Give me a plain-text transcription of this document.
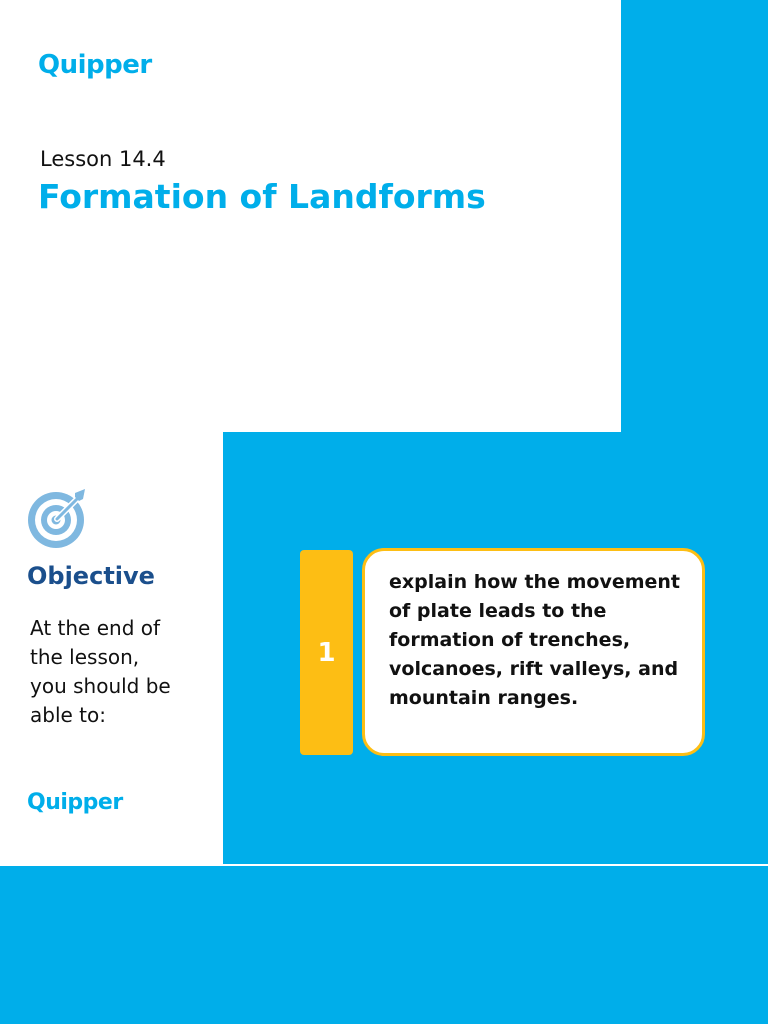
Quipper
Lesson 14.4
Formation of Landforms
Objective
At the end of the lesson, you should be able to:
Quipper
1
explain how the movement of plate leads to the formation of trenches, volcanoes, rift valleys, and mountain ranges.
